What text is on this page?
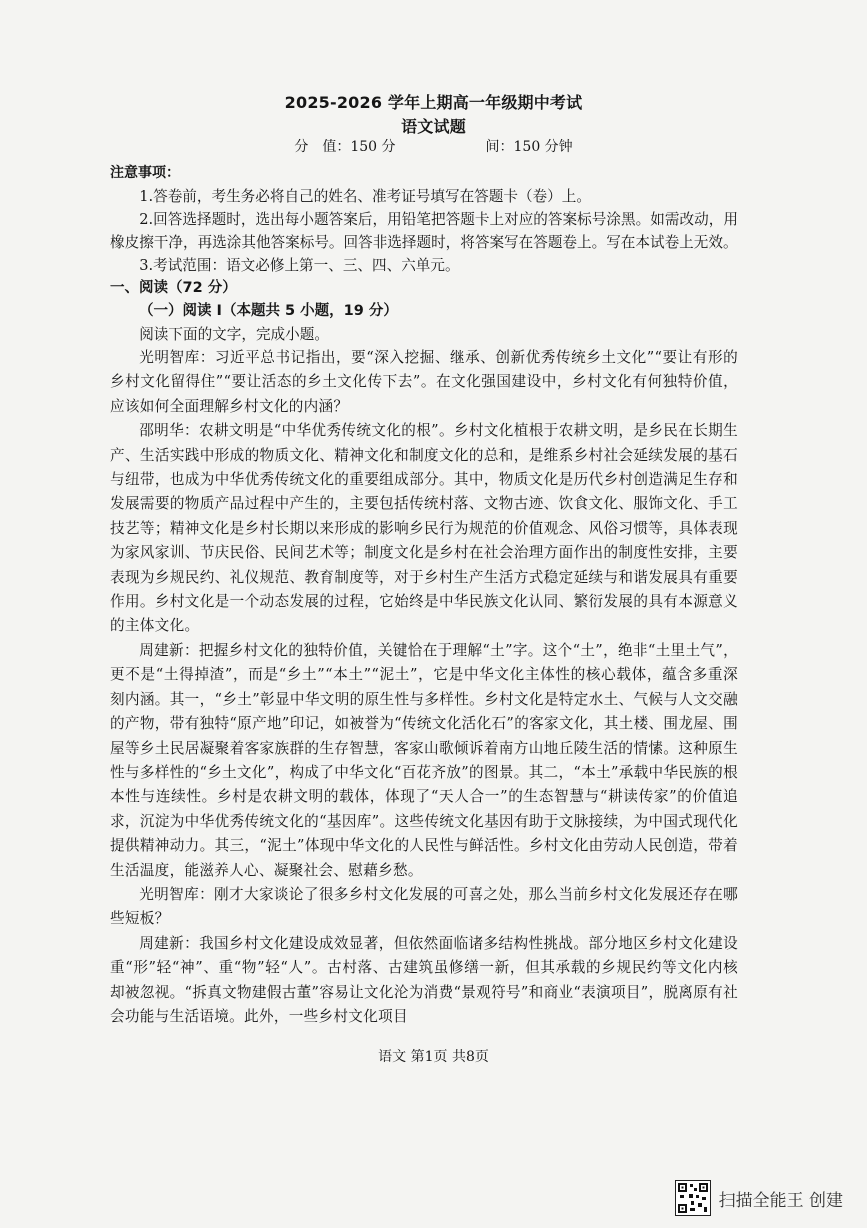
2025-2026 学年上期高一年级期中考试
语文试题
分　值：150 分	间：150 分钟

注意事项：

1.答卷前，考生务必将自己的姓名、准考证号填写在答题卡（卷）上。

2.回答选择题时，选出每小题答案后，用铅笔把答题卡上对应的答案标号涂黑。如需改动，用橡皮擦干净，再选涂其他答案标号。回答非选择题时，将答案写在答题卷上。写在本试卷上无效。

3.考试范围：语文必修上第一、三、四、六单元。

一、阅读（72 分）

（一）阅读 I（本题共 5 小题，19 分）

阅读下面的文字，完成小题。

光明智库：习近平总书记指出，要“深入挖掘、继承、创新优秀传统乡土文化”“要让有形的乡村文化留得住”“要让活态的乡土文化传下去”。在文化强国建设中，乡村文化有何独特价值，应该如何全面理解乡村文化的内涵？

邵明华：农耕文明是“中华优秀传统文化的根”。乡村文化植根于农耕文明，是乡民在长期生产、生活实践中形成的物质文化、精神文化和制度文化的总和，是维系乡村社会延续发展的基石与纽带，也成为中华优秀传统文化的重要组成部分。其中，物质文化是历代乡村创造满足生存和发展需要的物质产品过程中产生的，主要包括传统村落、文物古迹、饮食文化、服饰文化、手工技艺等；精神文化是乡村长期以来形成的影响乡民行为规范的价值观念、风俗习惯等，具体表现为家风家训、节庆民俗、民间艺术等；制度文化是乡村在社会治理方面作出的制度性安排，主要表现为乡规民约、礼仪规范、教育制度等，对于乡村生产生活方式稳定延续与和谐发展具有重要作用。乡村文化是一个动态发展的过程，它始终是中华民族文化认同、繁衍发展的具有本源意义的主体文化。

周建新：把握乡村文化的独特价值，关键恰在于理解“土”字。这个“土”，绝非“土里土气”，更不是“土得掉渣”，而是“乡土”“本土”“泥土”，它是中华文化主体性的核心载体，蕴含多重深刻内涵。其一，“乡土”彰显中华文明的原生性与多样性。乡村文化是特定水土、气候与人文交融的产物，带有独特“原产地”印记，如被誉为“传统文化活化石”的客家文化，其土楼、围龙屋、围屋等乡土民居凝聚着客家族群的生存智慧，客家山歌倾诉着南方山地丘陵生活的情愫。这种原生性与多样性的“乡土文化”，构成了中华文化“百花齐放”的图景。其二，“本土”承载中华民族的根本性与连续性。乡村是农耕文明的载体，体现了“天人合一”的生态智慧与“耕读传家”的价值追求，沉淀为中华优秀传统文化的“基因库”。这些传统文化基因有助于文脉接续，为中国式现代化提供精神动力。其三，“泥土”体现中华文化的人民性与鲜活性。乡村文化由劳动人民创造，带着生活温度，能滋养人心、凝聚社会、慰藉乡愁。

光明智库：刚才大家谈论了很多乡村文化发展的可喜之处，那么当前乡村文化发展还存在哪些短板？

周建新：我国乡村文化建设成效显著，但依然面临诸多结构性挑战。部分地区乡村文化建设重“形”轻“神”、重“物”轻“人”。古村落、古建筑虽修缮一新，但其承载的乡规民约等文化内核却被忽视。“拆真文物建假古董”容易让文化沦为消费“景观符号”和商业“表演项目”，脱离原有社会功能与生活语境。此外，一些乡村文化项目

语文 第1页 共8页
扫描全能王 创建
